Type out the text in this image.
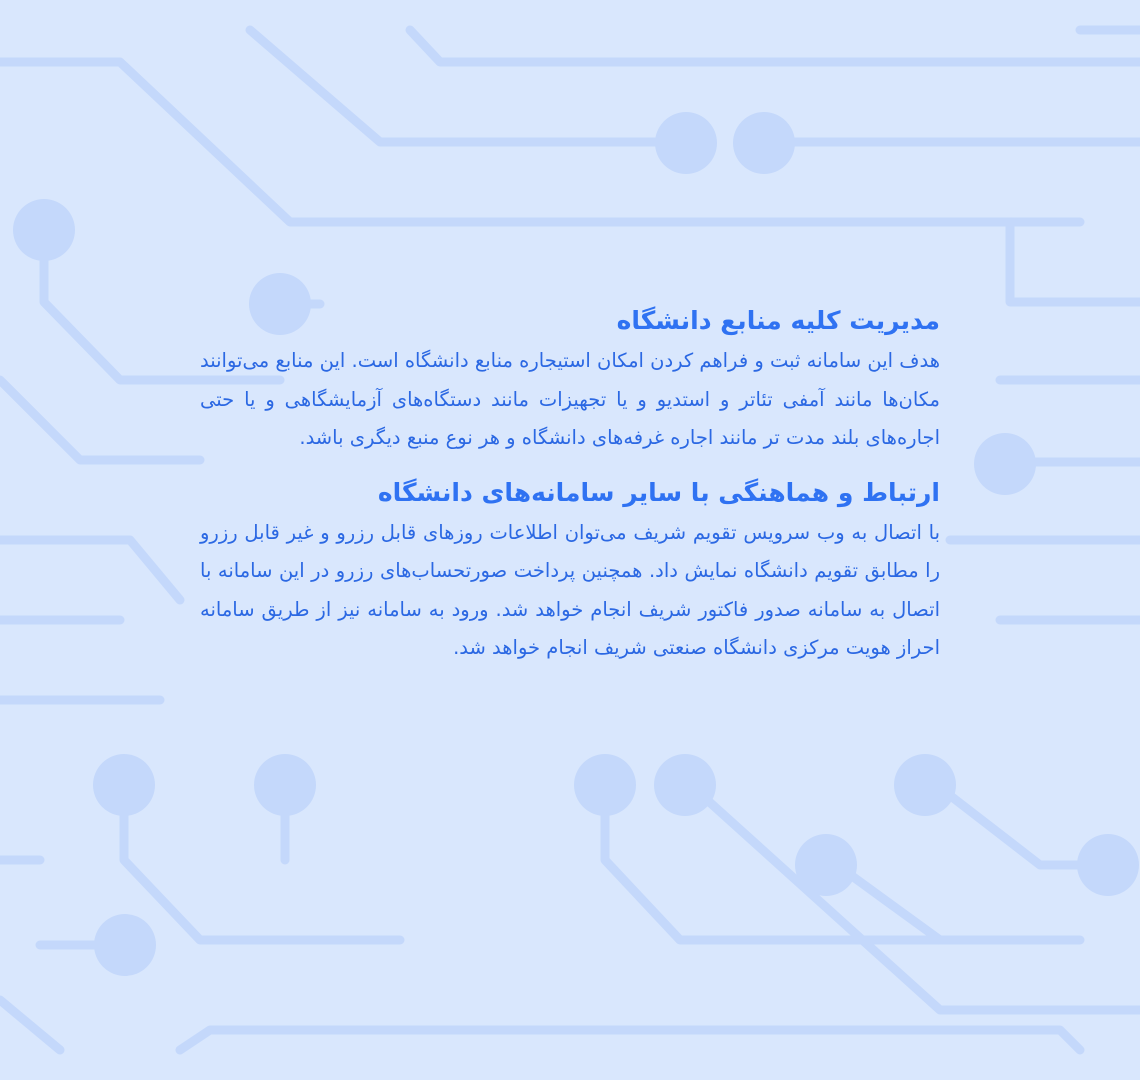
مدیریت کلیه منابع دانشگاه

هدف این سامانه ثبت و فراهم کردن امکان استیجاره منابع دانشگاه است. این منابع می‌توانند مکان‌ها مانند آمفی تئاتر و استدیو و یا تجهیزات مانند دستگاه‌های آزمایشگاهی و یا حتی اجاره‌های بلند مدت تر مانند اجاره غرفه‌های دانشگاه و هر نوع منبع دیگری باشد.

ارتباط و هماهنگی با سایر سامانه‌های دانشگاه

با اتصال به وب سرویس تقویم شریف می‌توان اطلاعات روزهای قابل رزرو و غیر قابل رزرو را مطابق تقویم دانشگاه نمایش داد. همچنین پرداخت صورتحساب‌های رزرو در این سامانه با اتصال به سامانه صدور فاکتور شریف انجام خواهد شد. ورود به سامانه نیز از طریق سامانه احراز هویت مرکزی دانشگاه صنعتی شریف انجام خواهد شد.
